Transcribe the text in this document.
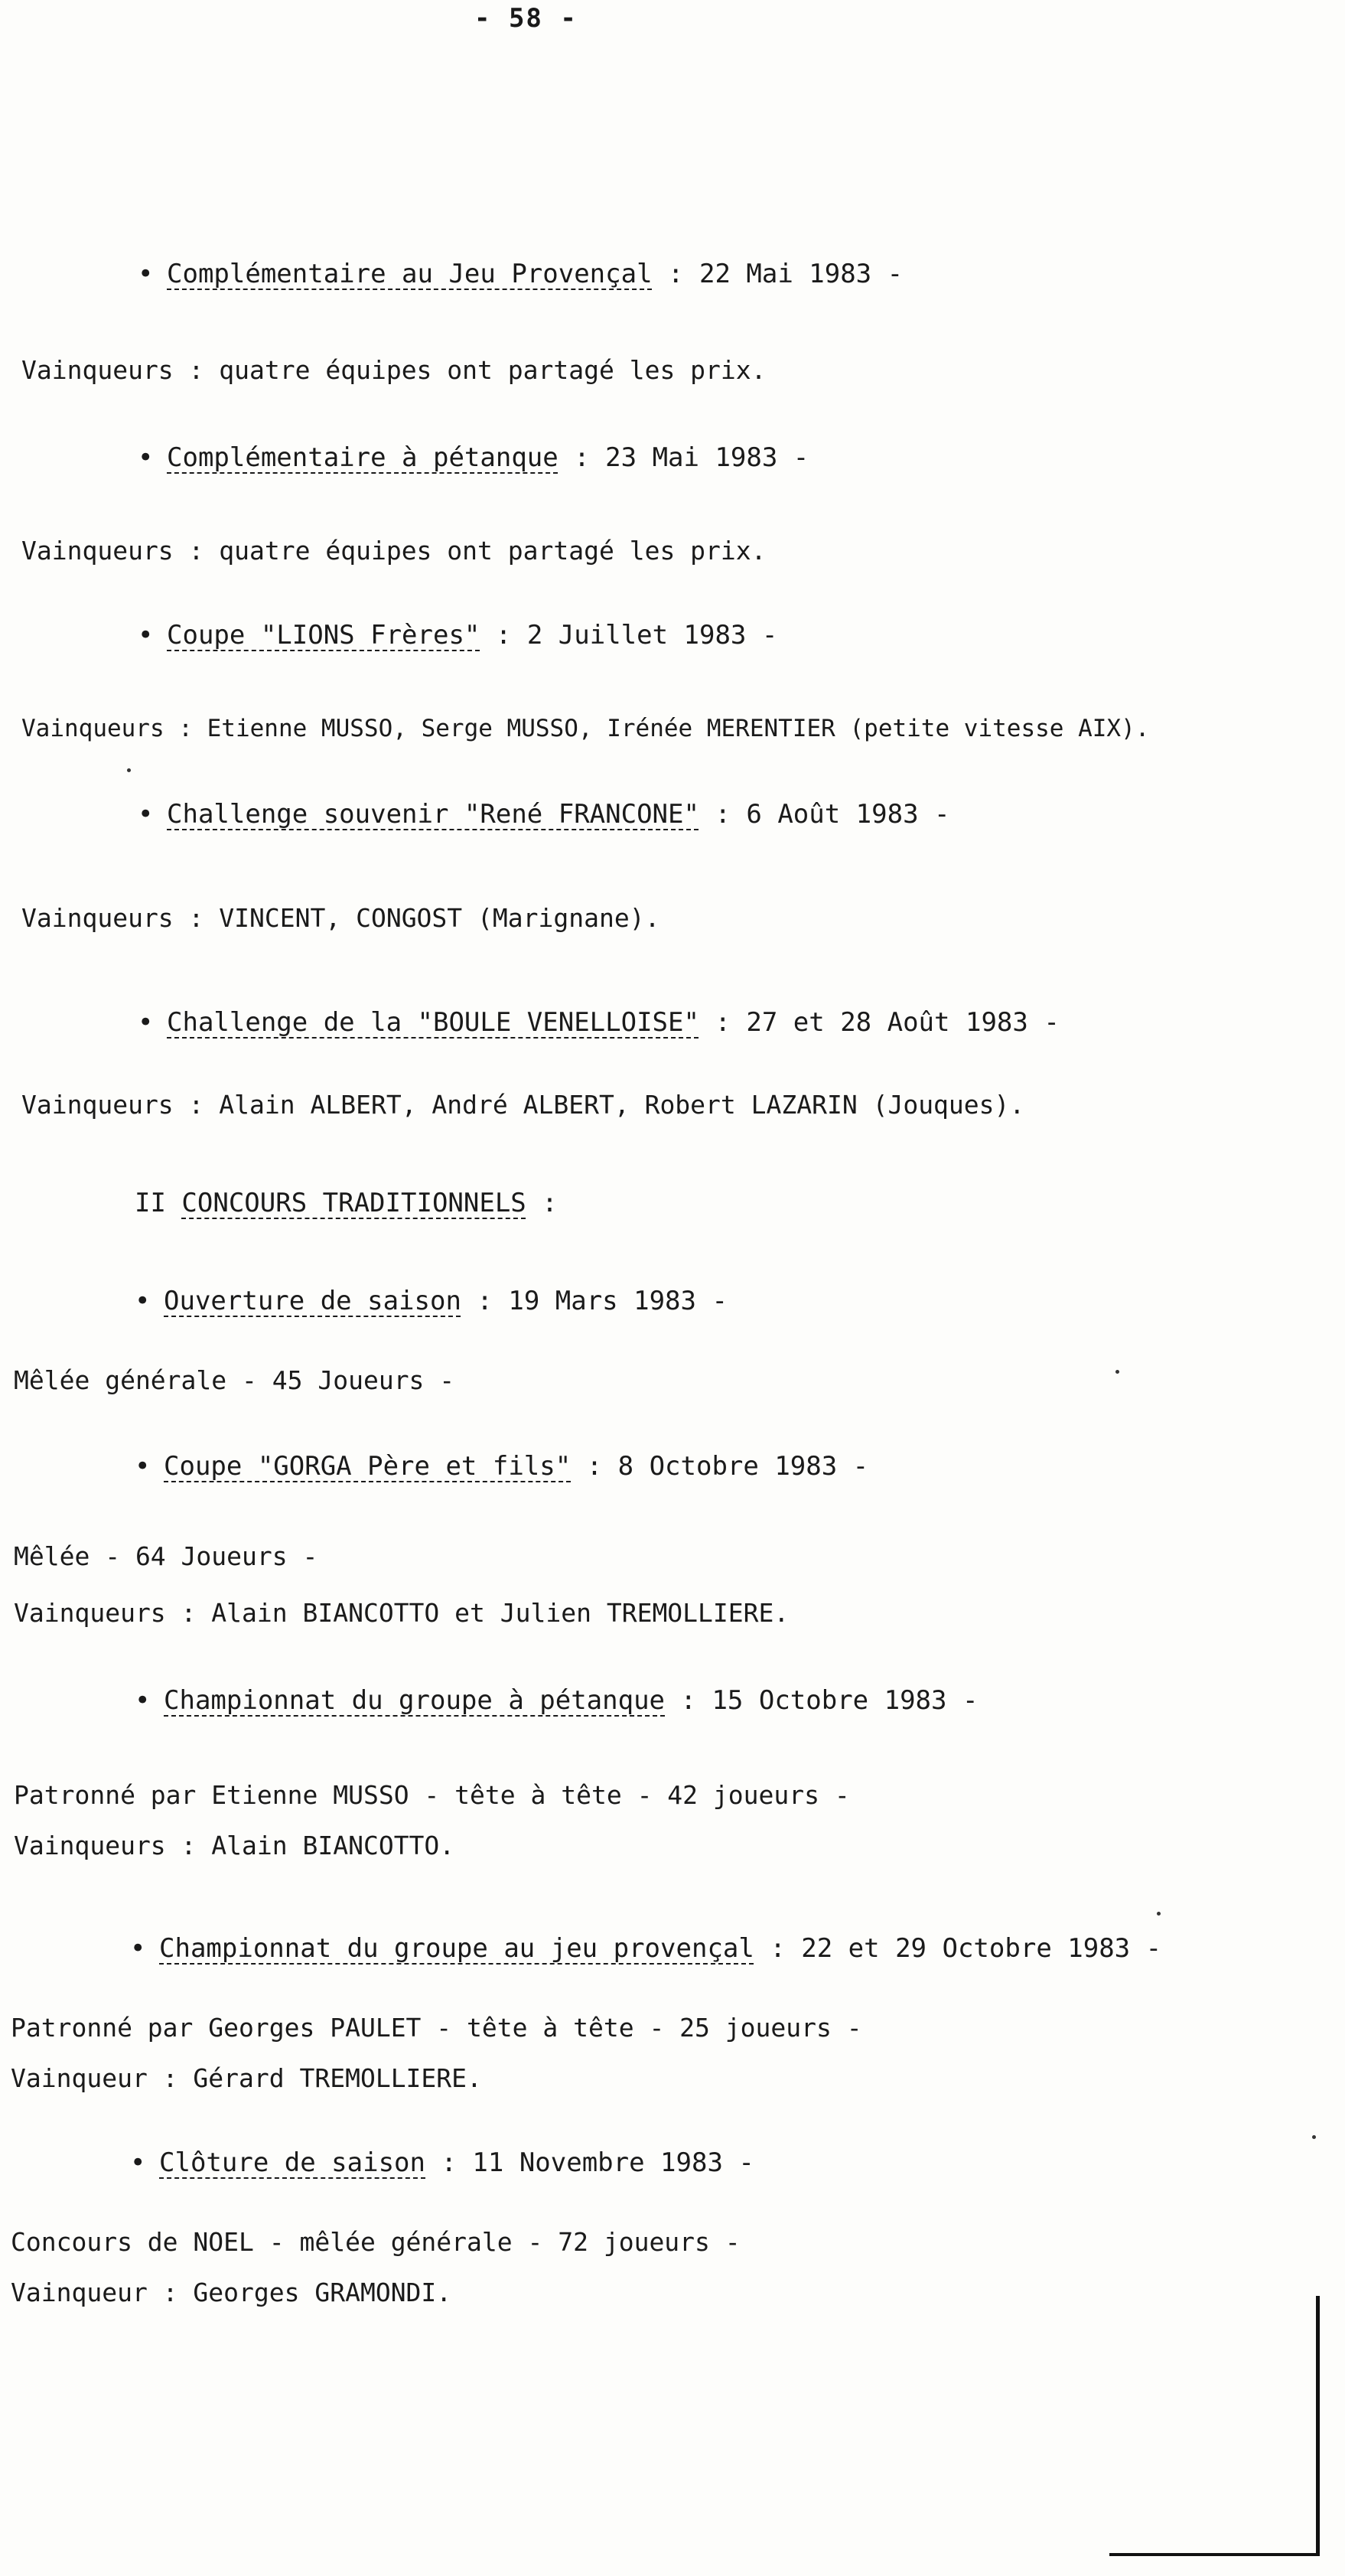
- 58 -
• Complémentaire au Jeu Provençal : 22 Mai 1983 -
Vainqueurs : quatre équipes ont partagé les prix.
• Complémentaire à pétanque : 23 Mai 1983 -
Vainqueurs : quatre équipes ont partagé les prix.
• Coupe "LIONS Frères" : 2 Juillet 1983 -
Vainqueurs : Etienne MUSSO, Serge MUSSO, Irénée MERENTIER (petite vitesse AIX).
• Challenge souvenir "René FRANCONE" : 6 Août 1983 -
Vainqueurs : VINCENT, CONGOST (Marignane).
• Challenge de la "BOULE VENELLOISE" : 27 et 28 Août 1983 -
Vainqueurs : Alain ALBERT, André ALBERT, Robert LAZARIN (Jouques).
II CONCOURS TRADITIONNELS :
• Ouverture de saison : 19 Mars 1983 -
Mêlée générale - 45 Joueurs -
• Coupe "GORGA Père et fils" : 8 Octobre 1983 -
Mêlée - 64 Joueurs -
Vainqueurs : Alain BIANCOTTO et Julien TREMOLLIERE.
• Championnat du groupe à pétanque : 15 Octobre 1983 -
Patronné par Etienne MUSSO - tête à tête - 42 joueurs -
Vainqueurs : Alain BIANCOTTO.
• Championnat du groupe au jeu provençal : 22 et 29 Octobre 1983 -
Patronné par Georges PAULET - tête à tête - 25 joueurs -
Vainqueur : Gérard TREMOLLIERE.
• Clôture de saison : 11 Novembre 1983 -
Concours de NOEL - mêlée générale - 72 joueurs -
Vainqueur : Georges GRAMONDI.
